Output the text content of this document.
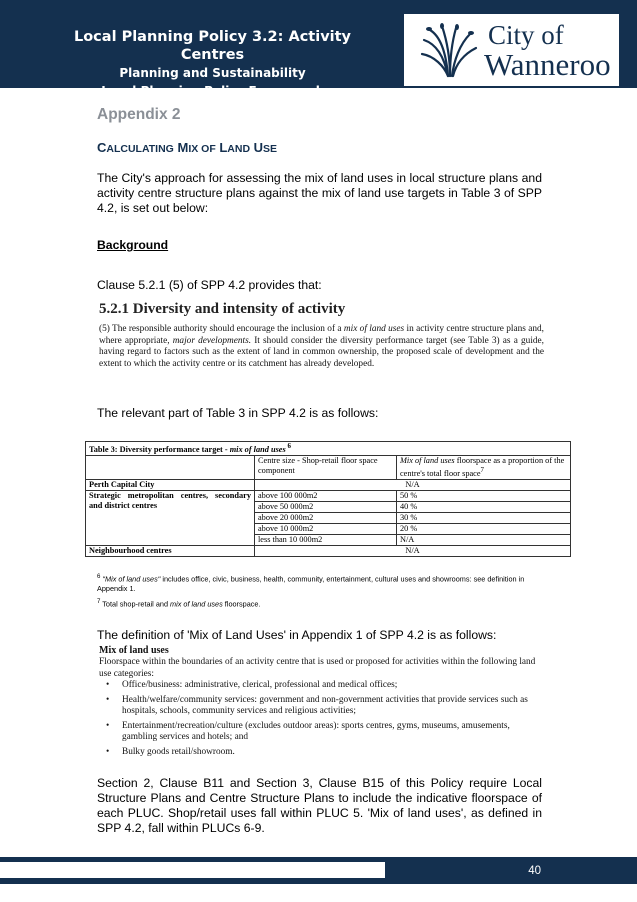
Local Planning Policy 3.2: Activity Centres
Planning and Sustainability
Local Planning Policy Framework
City of
Wanneroo
Appendix 2
CALCULATING MIX OF LAND USE
The City's approach for assessing the mix of land uses in local structure plans and activity centre structure plans against the mix of land use targets in Table 3 of SPP 4.2, is set out below:
Background
Clause 5.2.1 (5) of SPP 4.2 provides that:
5.2.1 Diversity and intensity of activity
(5) The responsible authority should encourage the inclusion of a mix of land uses in activity centre structure plans and, where appropriate, major developments. It should consider the diversity performance target (see Table 3) as a guide, having regard to factors such as the extent of land in common ownership, the proposed scale of development and the extent to which the activity centre or its catchment has already developed.
The relevant part of Table 3 in SPP 4.2 is as follows:
Table 3: Diversity performance target - mix of land uses $^6$
	Centre size - Shop-retail floor space component	Mix of land uses floorspace as a proportion of the centre's total floor space$^7$
Perth Capital City	N/A	
Strategic metropolitan centres, secondary and district centres	above 100 000m2	50 %
	above 50 000m2	40 %
	above 20 000m2	30 %
	above 10 000m2	20 %
	less than 10 000m2	N/A
Neighbourhood centres	N/A	
$^6$ "Mix of land uses" includes office, civic, business, health, community, entertainment, cultural uses and showrooms: see definition in Appendix 1.
$^7$ Total shop-retail and mix of land uses floorspace.
The definition of 'Mix of Land Uses' in Appendix 1 of SPP 4.2 is as follows:
Mix of land uses
Floorspace within the boundaries of an activity centre that is used or proposed for activities within the following land use categories:
• Office/business: administrative, clerical, professional and medical offices;
• Health/welfare/community services: government and non-government activities that provide services such as hospitals, schools, community services and religious activities;
• Entertainment/recreation/culture (excludes outdoor areas): sports centres, gyms, museums, amusements, gambling services and hotels; and
• Bulky goods retail/showroom.
Section 2, Clause B11 and Section 3, Clause B15 of this Policy require Local Structure Plans and Centre Structure Plans to include the indicative floorspace of each PLUC. Shop/retail uses fall within PLUC 5. 'Mix of land uses', as defined in SPP 4.2, fall within PLUCs 6-9.
40
